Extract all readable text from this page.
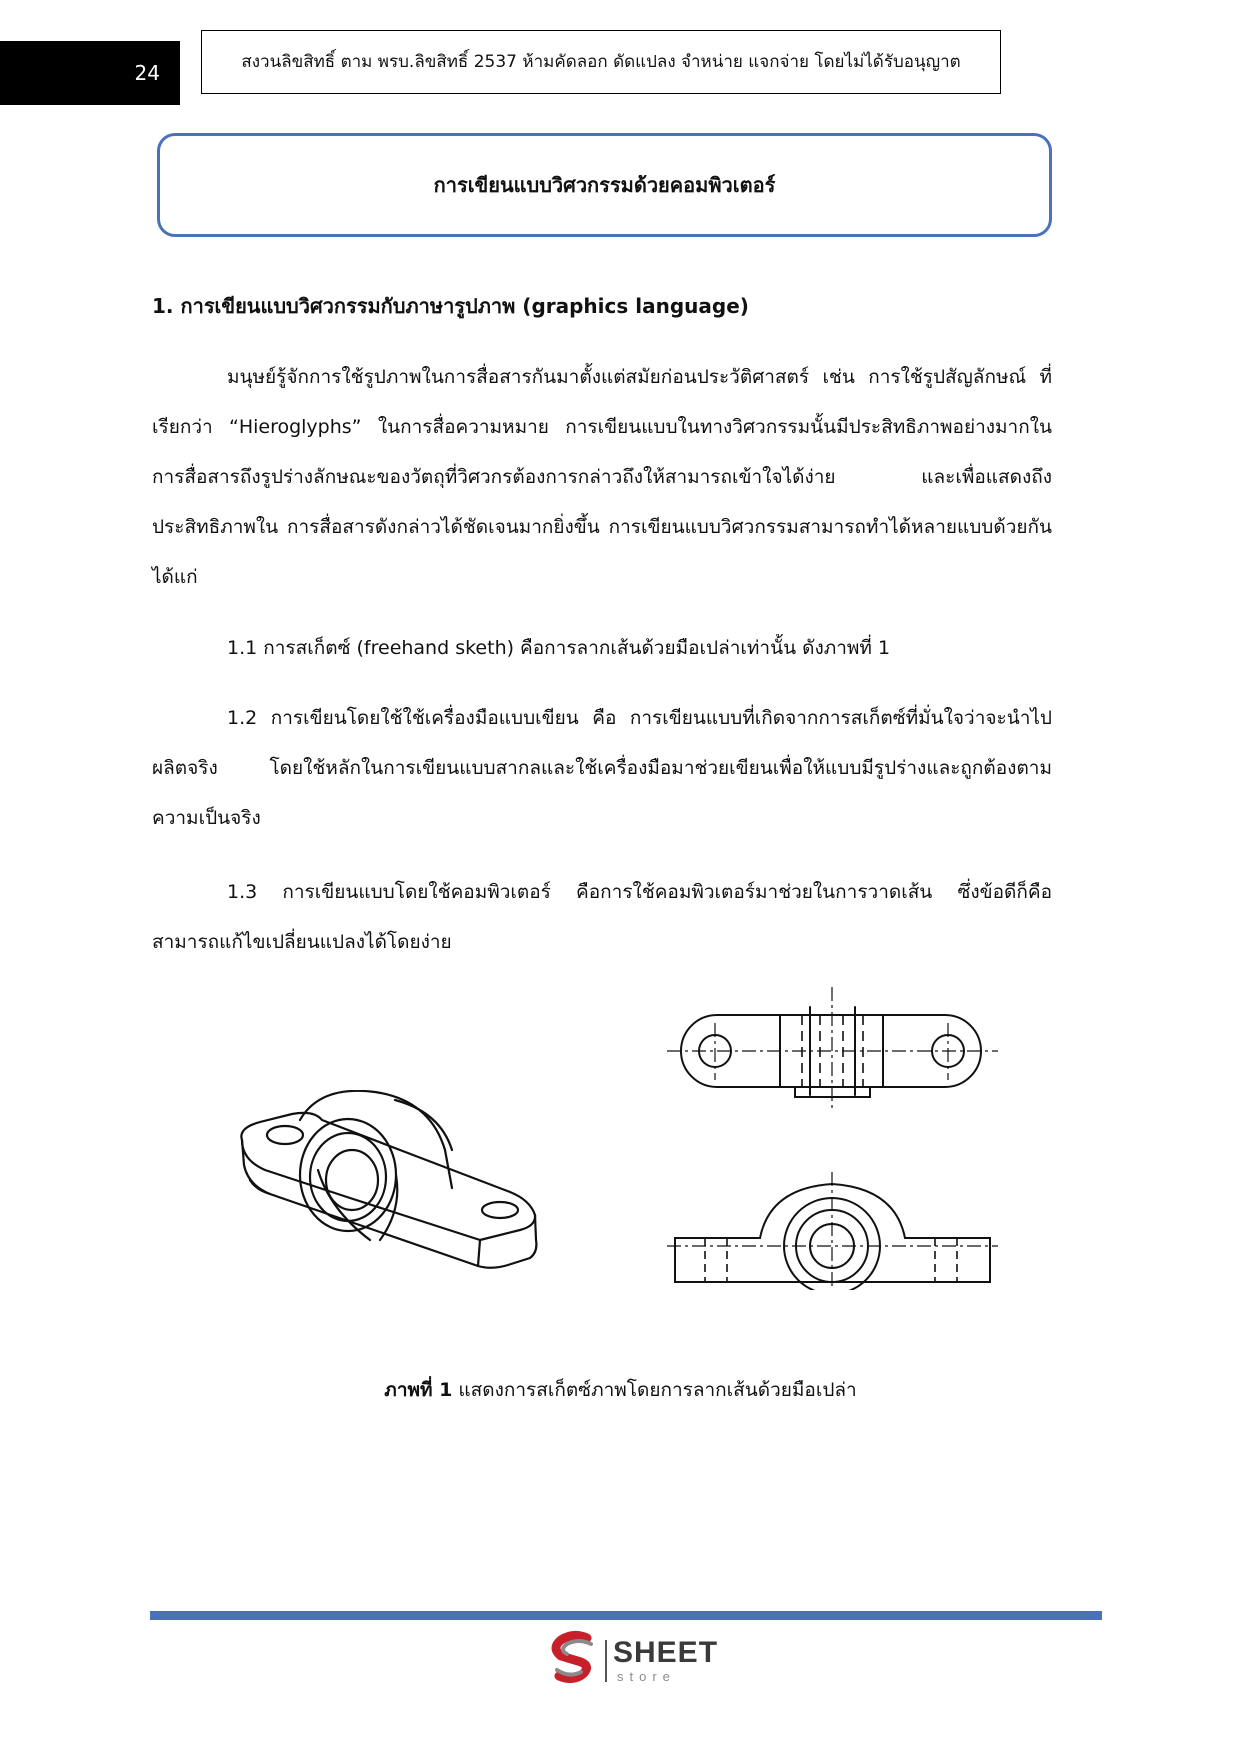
24	สงวนลิขสิทธิ์ ตาม พรบ.ลิขสิทธิ์ 2537 ห้ามคัดลอก ดัดแปลง จำหน่าย แจกจ่าย โดยไม่ได้รับอนุญาต
การเขียนแบบวิศวกรรมด้วยคอมพิวเตอร์
1. การเขียนแบบวิศวกรรมกับภาษารูปภาพ (graphics language)

มนุษย์รู้จักการใช้รูปภาพในการสื่อสารกันมาตั้งแต่สมัยก่อนประวัติศาสตร์ เช่น การใช้รูปสัญลักษณ์ ที่เรียกว่า “Hieroglyphs” ในการสื่อความหมาย การเขียนแบบในทางวิศวกรรมนั้นมีประสิทธิภาพอย่างมากในการสื่อสารถึงรูปร่างลักษณะของวัตถุที่วิศวกรต้องการกล่าวถึงให้สามารถเข้าใจได้ง่าย และเพื่อแสดงถึงประสิทธิภาพใน การสื่อสารดังกล่าวได้ชัดเจนมากยิ่งขึ้น การเขียนแบบวิศวกรรมสามารถทำได้หลายแบบด้วยกัน ได้แก่

1.1 การสเก็ตซ์ (freehand sketh) คือการลากเส้นด้วยมือเปล่าเท่านั้น ดังภาพที่ 1

1.2 การเขียนโดยใช้ใช้เครื่องมือแบบเขียน คือ การเขียนแบบที่เกิดจากการสเก็ตซ์ที่มั่นใจว่าจะนำไปผลิตจริง โดยใช้หลักในการเขียนแบบสากลและใช้เครื่องมือมาช่วยเขียนเพื่อให้แบบมีรูปร่างและถูกต้องตามความเป็นจริง

1.3 การเขียนแบบโดยใช้คอมพิวเตอร์ คือการใช้คอมพิวเตอร์มาช่วยในการวาดเส้น ซึ่งข้อดีก็คือสามารถแก้ไขเปลี่ยนแปลงได้โดยง่าย

ภาพที่ 1 แสดงการสเก็ตซ์ภาพโดยการลากเส้นด้วยมือเปล่า
SHEET
store
